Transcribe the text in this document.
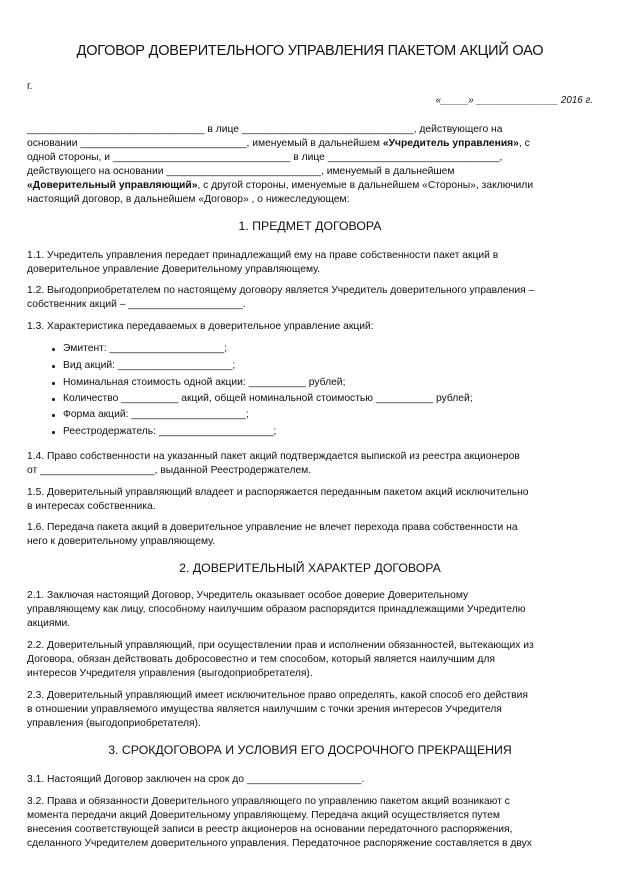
ДОГОВОР ДОВЕРИТЕЛЬНОГО УПРАВЛЕНИЯ ПАКЕТОМ АКЦИЙ ОАО
г.
«_____» _______________ 2016 г.
_______________________________ в лице ______________________________, действующего на
основании _____________________________, именуемый в дальнейшем «Учредитель управления», с
одной стороны, и _______________________________ в лице ______________________________,
действующего на основании ___________________________, именуемый в дальнейшем
«Доверительный управляющий», с другой стороны, именуемые в дальнейшем «Стороны», заключили
настоящий договор, в дальнейшем «Договор» , о нижеследующем:
1. ПРЕДМЕТ ДОГОВОРА
1.1. Учредитель управления передает принадлежащий ему на праве собственности пакет акций в
доверительное управление Доверительному управляющему.
1.2. Выгодоприобретателем по настоящему договору является Учредитель доверительного управления –
собственник акций – ____________________.
1.3. Характеристика передаваемых в доверительное управление акций:
Эмитент: ____________________;
Вид акций: ____________________;
Номинальная стоимость одной акции: __________ рублей;
Количество __________ акций, общей номинальной стоимостью __________ рублей;
Форма акций: ____________________;
Реестродержатель: ____________________;
1.4. Право собственности на указанный пакет акций подтверждается выпиской из реестра акционеров
от ____________________, выданной Реестродержателем.
1.5. Доверительный управляющий владеет и распоряжается переданным пакетом акций исключительно
в интересах собственника.
1.6. Передача пакета акций в доверительное управление не влечет перехода права собственности на
него к доверительному управляющему.
2. ДОВЕРИТЕЛЬНЫЙ ХАРАКТЕР ДОГОВОРА
2.1. Заключая настоящий Договор, Учредитель оказывает особое доверие Доверительному
управляющему как лицу, способному наилучшим образом распорядится принадлежащими Учредителю
акциями.
2.2. Доверительный управляющий, при осуществлении прав и исполнении обязанностей, вытекающих из
Договора, обязан действовать добросовестно и тем способом, который является наилучшим для
интересов Учредителя управления (выгодоприобретателя).
2.3. Доверительный управляющий имеет исключительное право определять, какой способ его действия
в отношении управляемого имущества является наилучшим с точки зрения интересов Учредителя
управления (выгодоприобретателя).
3. СРОКДОГОВОРА И УСЛОВИЯ ЕГО ДОСРОЧНОГО ПРЕКРАЩЕНИЯ
3.1. Настоящий Договор заключен на срок до ____________________.
3.2. Права и обязанности Доверительного управляющего по управлению пакетом акций возникают с
момента передачи акций Доверительному управляющему. Передача акций осуществляется путем
внесения соответствующей записи в реестр акционеров на основании передаточного распоряжения,
сделанного Учредителем доверительного управления. Передаточное распоряжение составляется в двух
